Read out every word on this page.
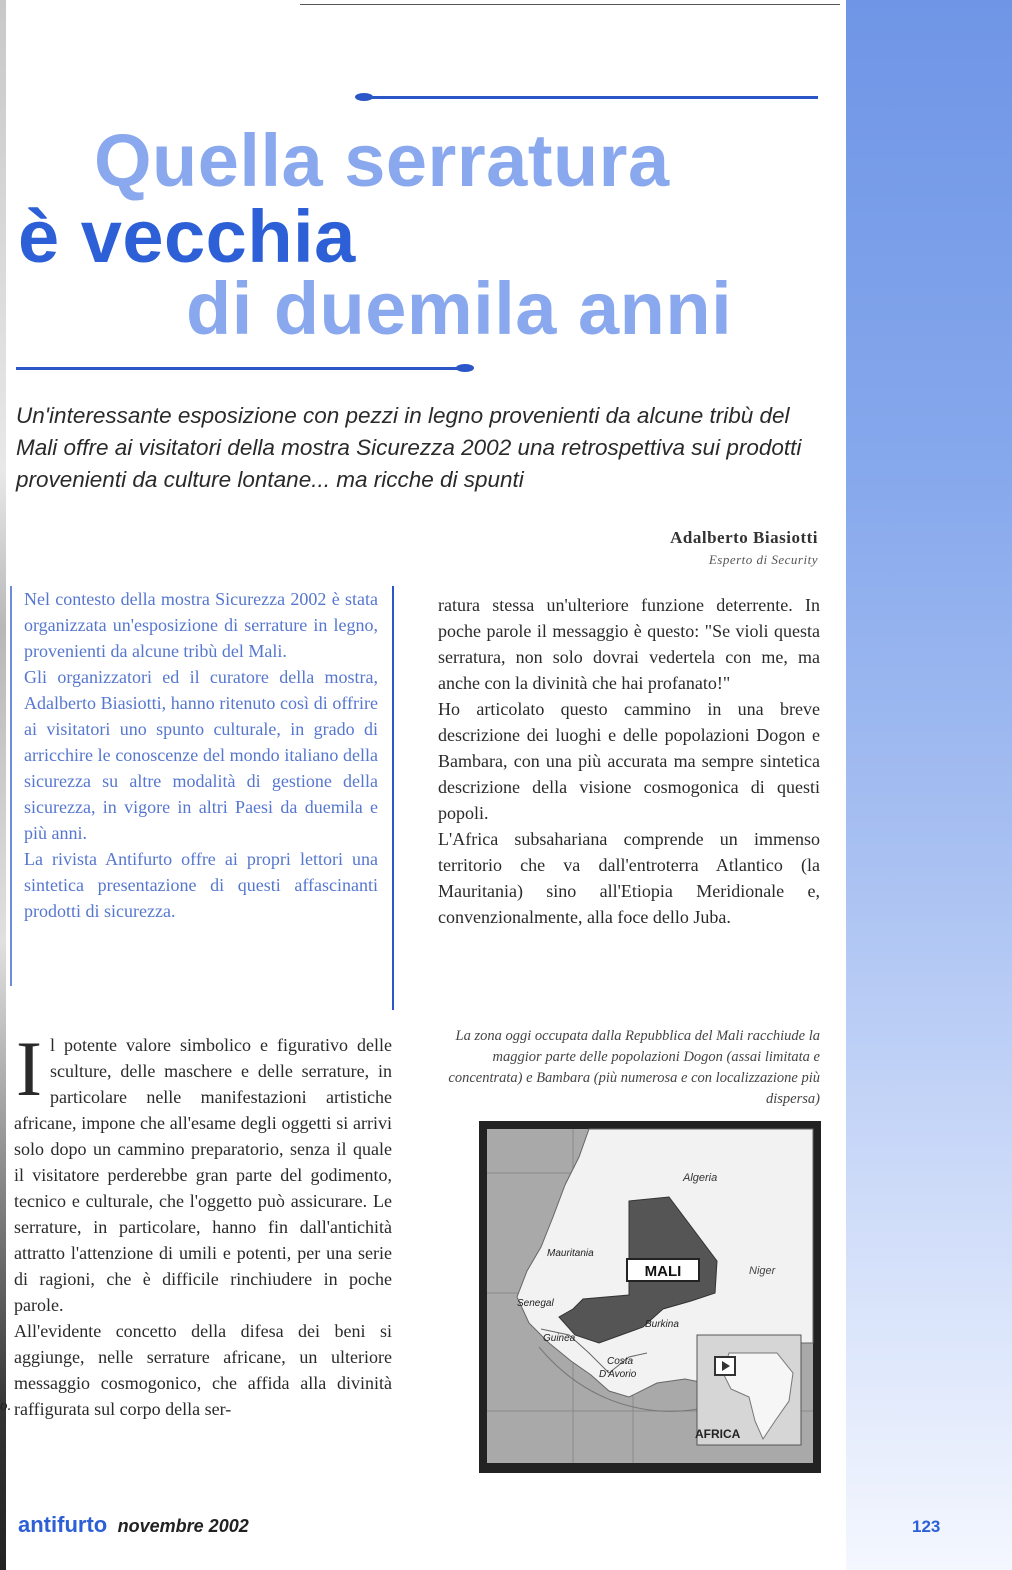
Quella serratura
è vecchia
di duemila anni

Un'interessante esposizione con pezzi in legno provenienti da alcune tribù del Mali offre ai visitatori della mostra Sicurezza 2002 una retrospettiva sui prodotti provenienti da culture lontane... ma ricche di spunti

Adalberto Biasiotti
Esperto di Security

Nel contesto della mostra Sicurezza 2002 è stata organizzata un'esposizione di serrature in legno, provenienti da alcune tribù del Mali.

Gli organizzatori ed il curatore della mostra, Adalberto Biasiotti, hanno ritenuto così di offrire ai visitatori uno spunto culturale, in grado di arricchire le conoscenze del mondo italiano della sicurezza su altre modalità di gestione della sicurezza, in vigore in altri Paesi da duemila e più anni.

La rivista Antifurto offre ai propri lettori una sintetica presentazione di questi affascinanti prodotti di sicurezza.

ratura stessa un'ulteriore funzione deterrente. In poche parole il messaggio è questo: "Se violi questa serratura, non solo dovrai vedertela con me, ma anche con la divinità che hai profanato!"

Ho articolato questo cammino in una breve descrizione dei luoghi e delle popolazioni Dogon e Bambara, con una più accurata ma sempre sintetica descrizione della visione cosmogonica di questi popoli.

L'Africa subsahariana comprende un immenso territorio che va dall'entroterra Atlantico (la Mauritania) sino all'Etiopia Meridionale e, convenzionalmente, alla foce dello Juba.

Il potente valore simbolico e figurativo delle sculture, delle maschere e delle serrature, in particolare nelle manifestazioni artistiche africane, impone che all'esame degli oggetti si arrivi solo dopo un cammino preparatorio, senza il quale il visitatore perderebbe gran parte del godimento, tecnico e culturale, che l'oggetto può assicurare. Le serrature, in particolare, hanno fin dall'antichità attratto l'attenzione di umili e potenti, per una serie di ragioni, che è difficile rinchiudere in poche parole.

All'evidente concetto della difesa dei beni si aggiunge, nelle serrature africane, un ulteriore messaggio cosmogonico, che affida alla divinità raffigurata sul corpo della ser-

La zona oggi occupata dalla Repubblica del Mali racchiude la maggior parte delle popolazioni Dogon (assai limitata e concentrata) e Bambara (più numerosa e con localizzazione più dispersa)

Algeria
Mauritania
MALI	Niger
Senegal
Burkina
Guinea
Costa
D'Avorio
AFRICA
antifurto novembre 2002	123
o.
